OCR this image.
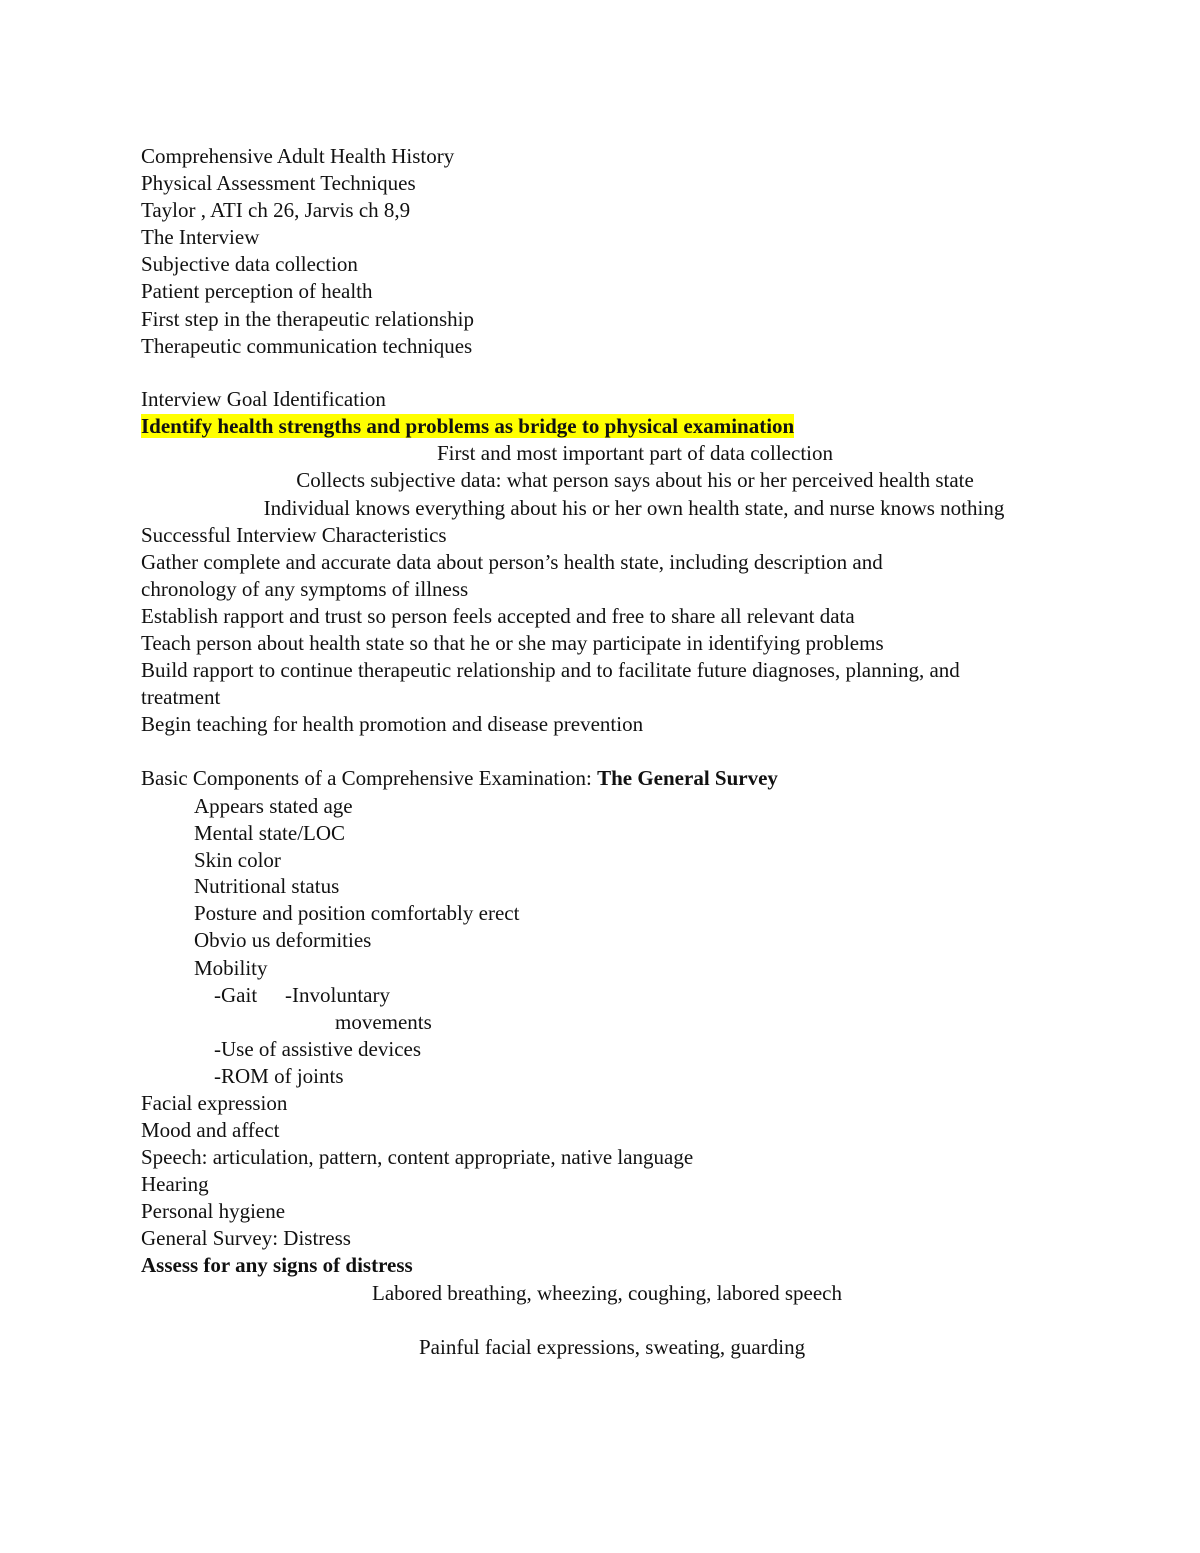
Comprehensive Adult Health History
Physical Assessment Techniques
Taylor , ATI ch 26, Jarvis ch 8,9
The Interview
Subjective data collection
Patient perception of health
First step in the therapeutic relationship
Therapeutic communication techniques
Interview Goal Identification
Identify health strengths and problems as bridge to physical examination
First and most important part of data collection
Collects subjective data: what person says about his or her perceived health state
Individual knows everything about his or her own health state, and nurse knows nothing
Successful Interview Characteristics
Gather complete and accurate data about person’s health state, including description and
chronology of any symptoms of illness
Establish rapport and trust so person feels accepted and free to share all relevant data
Teach person about health state so that he or she may participate in identifying problems
Build rapport to continue therapeutic relationship and to facilitate future diagnoses, planning, and
treatment
Begin teaching for health promotion and disease prevention
Basic Components of a Comprehensive Examination: The General Survey
Appears stated age
Mental state/LOC
Skin color
Nutritional status
Posture and position comfortably erect
Obvio us deformities
Mobility
-Gait -Involuntary
movements
-Use of assistive devices
-ROM of joints
Facial expression
Mood and affect
Speech: articulation, pattern, content appropriate, native language
Hearing
Personal hygiene
General Survey: Distress
Assess for any signs of distress
Labored breathing, wheezing, coughing, labored speech
Painful facial expressions, sweating, guarding
